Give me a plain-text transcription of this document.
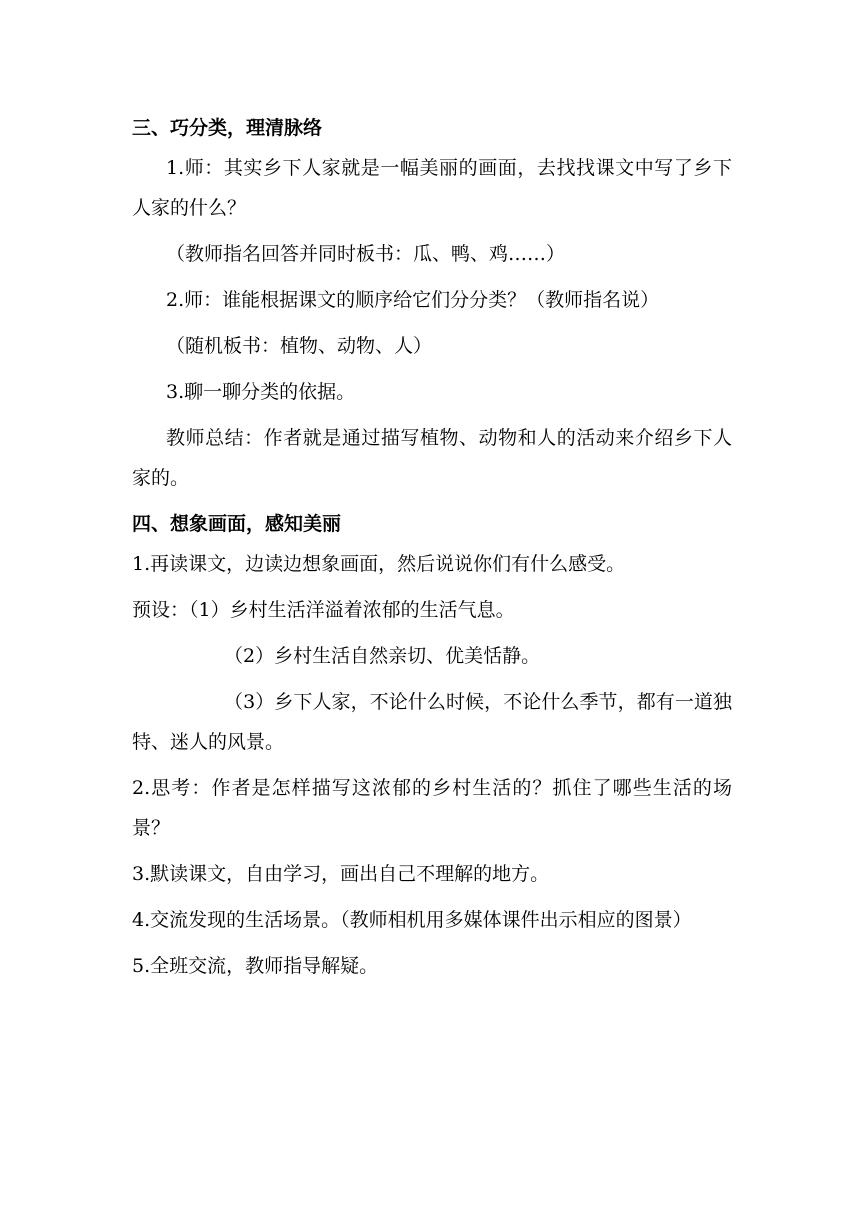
三、巧分类，理清脉络

1.师：其实乡下人家就是一幅美丽的画面，去找找课文中写了乡下人家的什么？

（教师指名回答并同时板书：瓜、鸭、鸡……）

2.师：谁能根据课文的顺序给它们分分类？（教师指名说）

（随机板书：植物、动物、人）

3.聊一聊分类的依据。

教师总结：作者就是通过描写植物、动物和人的活动来介绍乡下人家的。

四、想象画面，感知美丽

1.再读课文，边读边想象画面，然后说说你们有什么感受。

预设：（1）乡村生活洋溢着浓郁的生活气息。

（2）乡村生活自然亲切、优美恬静。

（3）乡下人家，不论什么时候，不论什么季节，都有一道独特、迷人的风景。

2.思考：作者是怎样描写这浓郁的乡村生活的？抓住了哪些生活的场景？

3.默读课文，自由学习，画出自己不理解的地方。

4.交流发现的生活场景。（教师相机用多媒体课件出示相应的图景）

5.全班交流，教师指导解疑。
